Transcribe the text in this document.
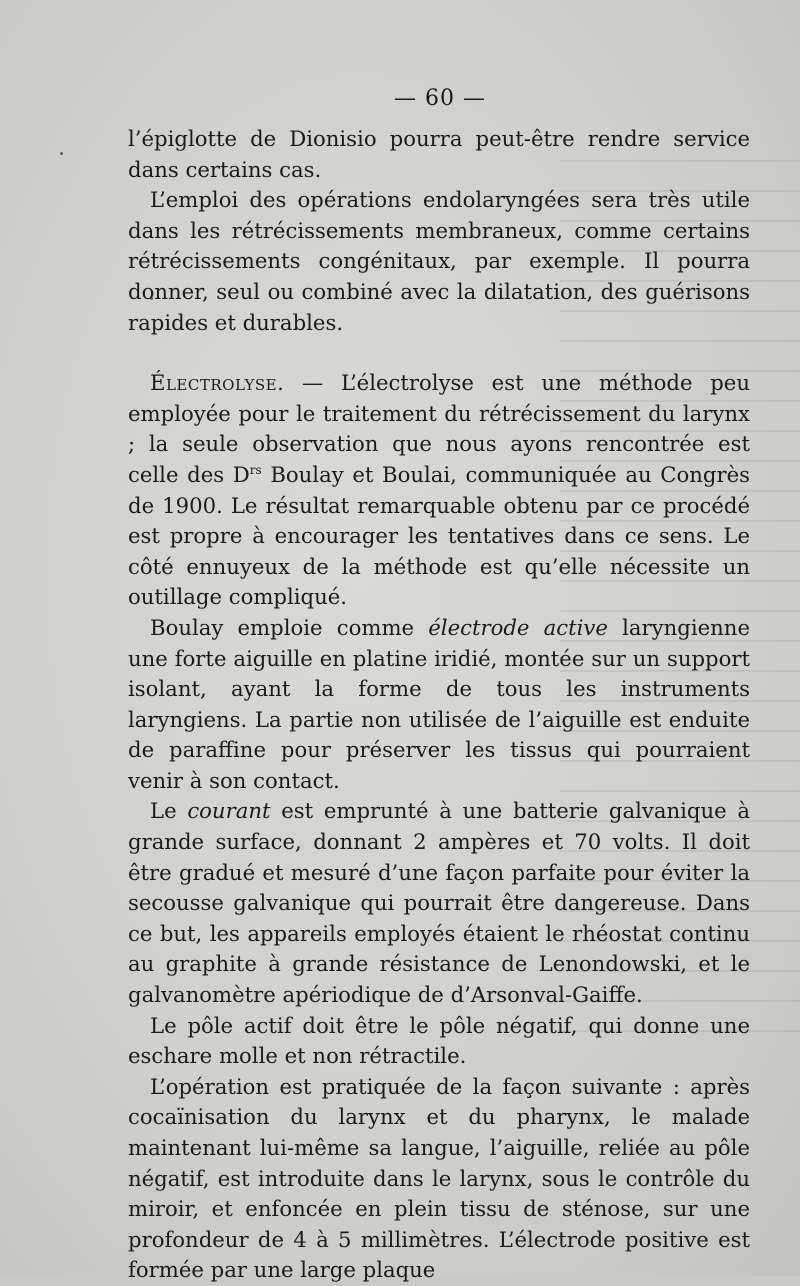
— 60 —

l’épiglotte de Dionisio pourra peut-être rendre service dans certains cas.

L’emploi des opérations endolaryngées sera très utile dans les rétrécissements membraneux, comme certains rétrécissements congénitaux, par exemple. Il pourra donner, seul ou combiné avec la dilatation, des guérisons rapides et durables.

Électrolyse. — L’électrolyse est une méthode peu employée pour le traitement du rétrécissement du larynx ; la seule observation que nous ayons rencontrée est celle des $D^{rs}$ Boulay et Boulai, communiquée au Congrès de 1900. Le résultat remarquable obtenu par ce procédé est propre à encourager les tentatives dans ce sens. Le côté ennuyeux de la méthode est qu’elle nécessite un outillage compliqué.

Boulay emploie comme électrode active laryngienne une forte aiguille en platine iridié, montée sur un support isolant, ayant la forme de tous les instruments laryngiens. La partie non utilisée de l’aiguille est enduite de paraffine pour préserver les tissus qui pourraient venir à son contact.

Le courant est emprunté à une batterie galvanique à grande surface, donnant 2 ampères et 70 volts. Il doit être gradué et mesuré d’une façon parfaite pour éviter la secousse galvanique qui pourrait être dangereuse. Dans ce but, les appareils employés étaient le rhéostat continu au graphite à grande résistance de Lenondowski, et le galvanomètre apériodique de d’Arsonval-Gaiffe.

Le pôle actif doit être le pôle négatif, qui donne une eschare molle et non rétractile.

L’opération est pratiquée de la façon suivante : après cocaïnisation du larynx et du pharynx, le malade maintenant lui-même sa langue, l’aiguille, reliée au pôle négatif, est introduite dans le larynx, sous le contrôle du miroir, et enfoncée en plein tissu de sténose, sur une profondeur de 4 à 5 millimètres. L’électrode positive est formée par une large plaque
